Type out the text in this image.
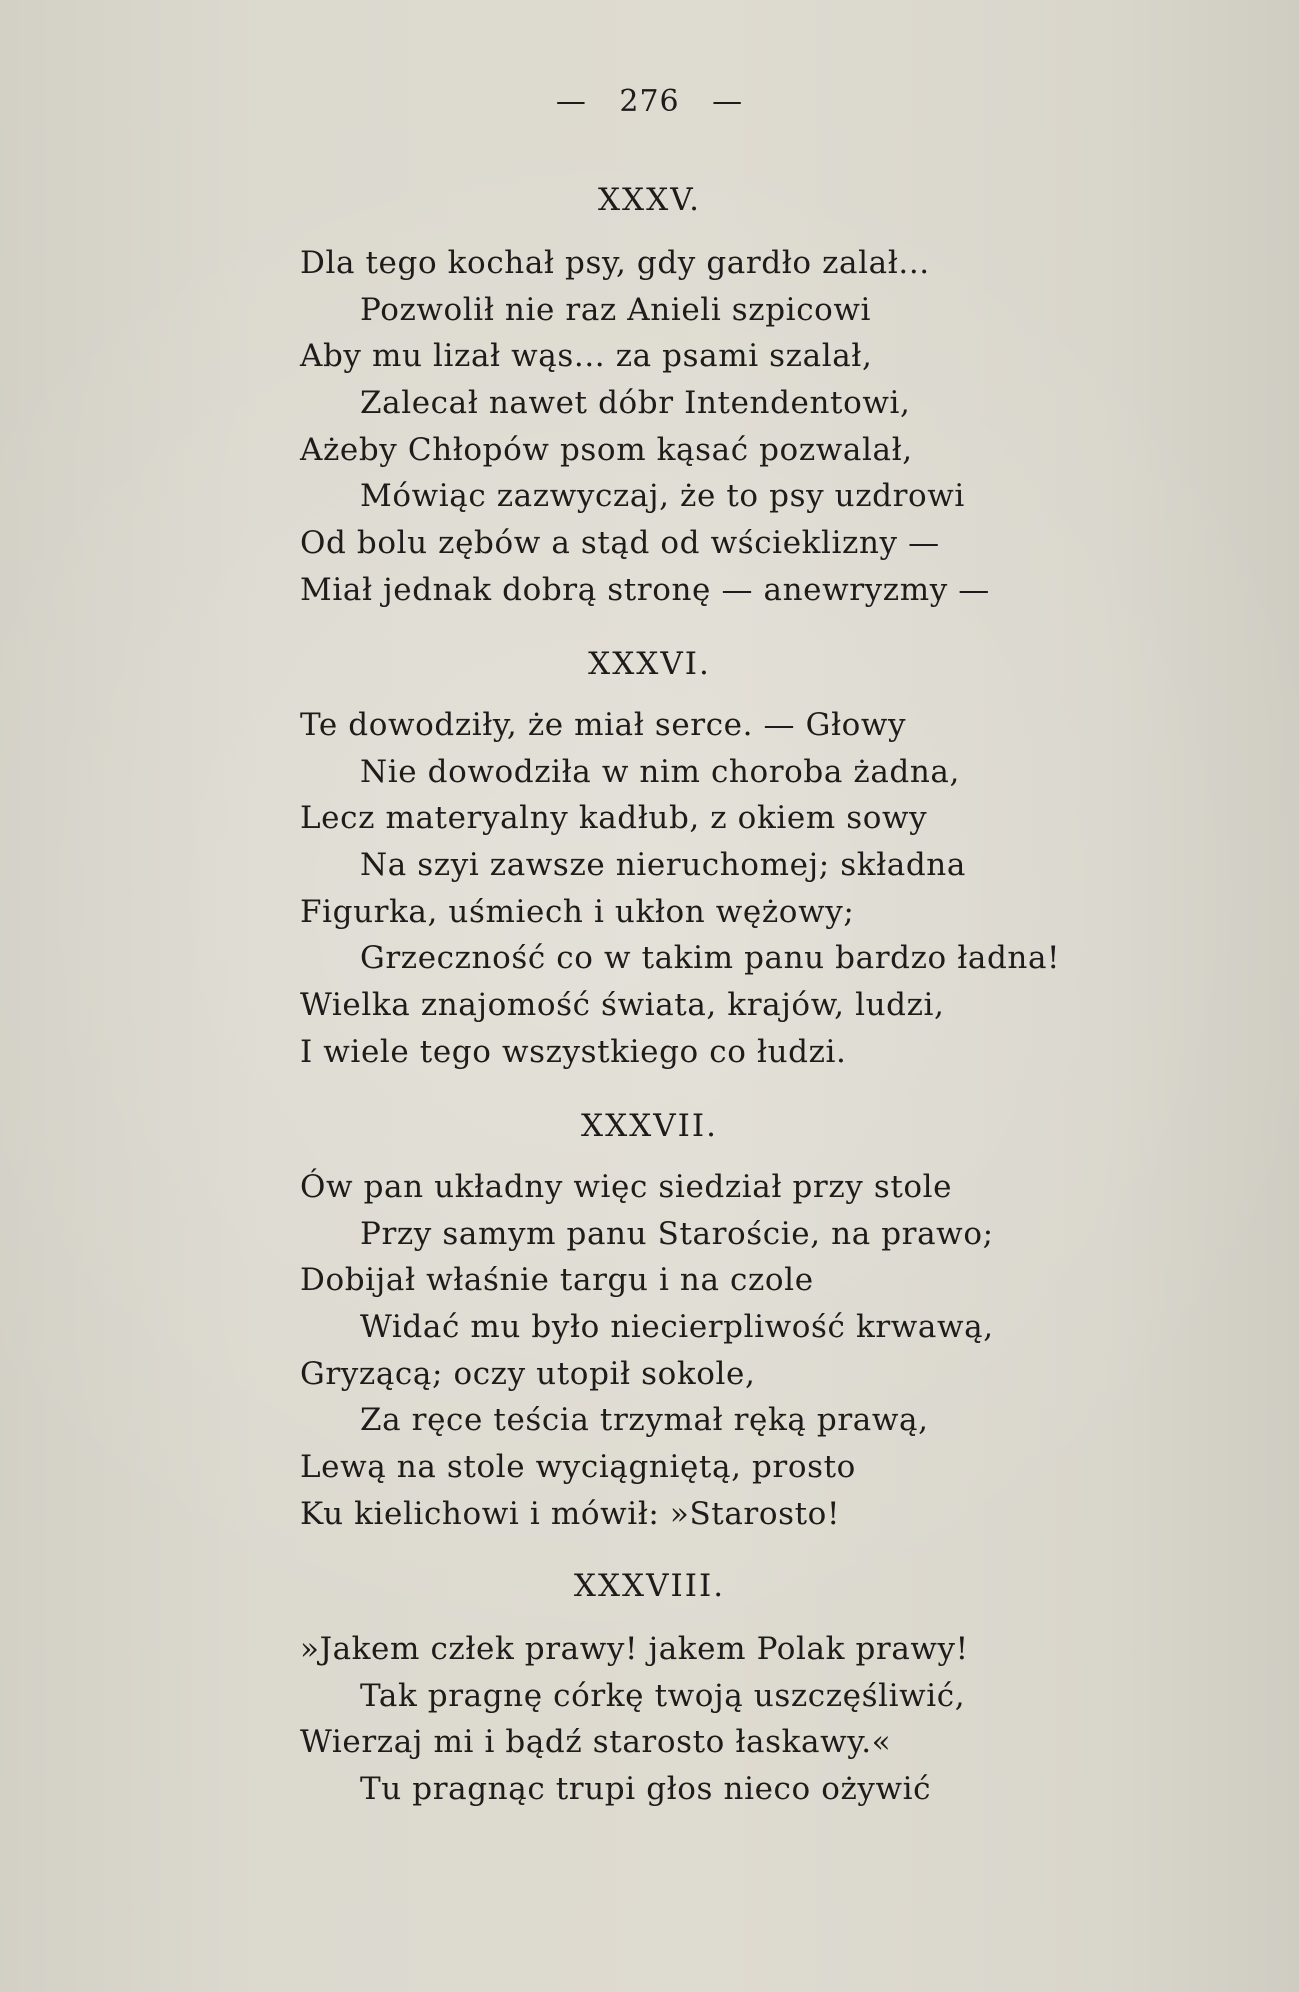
— 276 —
XXXV.
Dla tego kochał psy, gdy gardło zalał...
Pozwolił nie raz Anieli szpicowi
Aby mu lizał wąs... za psami szalał,
Zalecał nawet dóbr Intendentowi,
Ażeby Chłopów psom kąsać pozwalał,
Mówiąc zazwyczaj, że to psy uzdrowi
Od bolu zębów a stąd od wścieklizny —
Miał jednak dobrą stronę — anewryzmy —
XXXVI.
Te dowodziły, że miał serce. — Głowy
Nie dowodziła w nim choroba żadna,
Lecz materyalny kadłub, z okiem sowy
Na szyi zawsze nieruchomej; składna
Figurka, uśmiech i ukłon wężowy;
Grzeczność co w takim panu bardzo ładna!
Wielka znajomość świata, krajów, ludzi,
I wiele tego wszystkiego co łudzi.
XXXVII.
Ów pan układny więc siedział przy stole
Przy samym panu Staroście, na prawo;
Dobijał właśnie targu i na czole
Widać mu było niecierpliwość krwawą,
Gryzącą; oczy utopił sokole,
Za ręce teścia trzymał ręką prawą,
Lewą na stole wyciągniętą, prosto
Ku kielichowi i mówił: »Starosto!
XXXVIII.
»Jakem człek prawy! jakem Polak prawy!
Tak pragnę córkę twoją uszczęśliwić,
Wierzaj mi i bądź starosto łaskawy.«
Tu pragnąc trupi głos nieco ożywić
